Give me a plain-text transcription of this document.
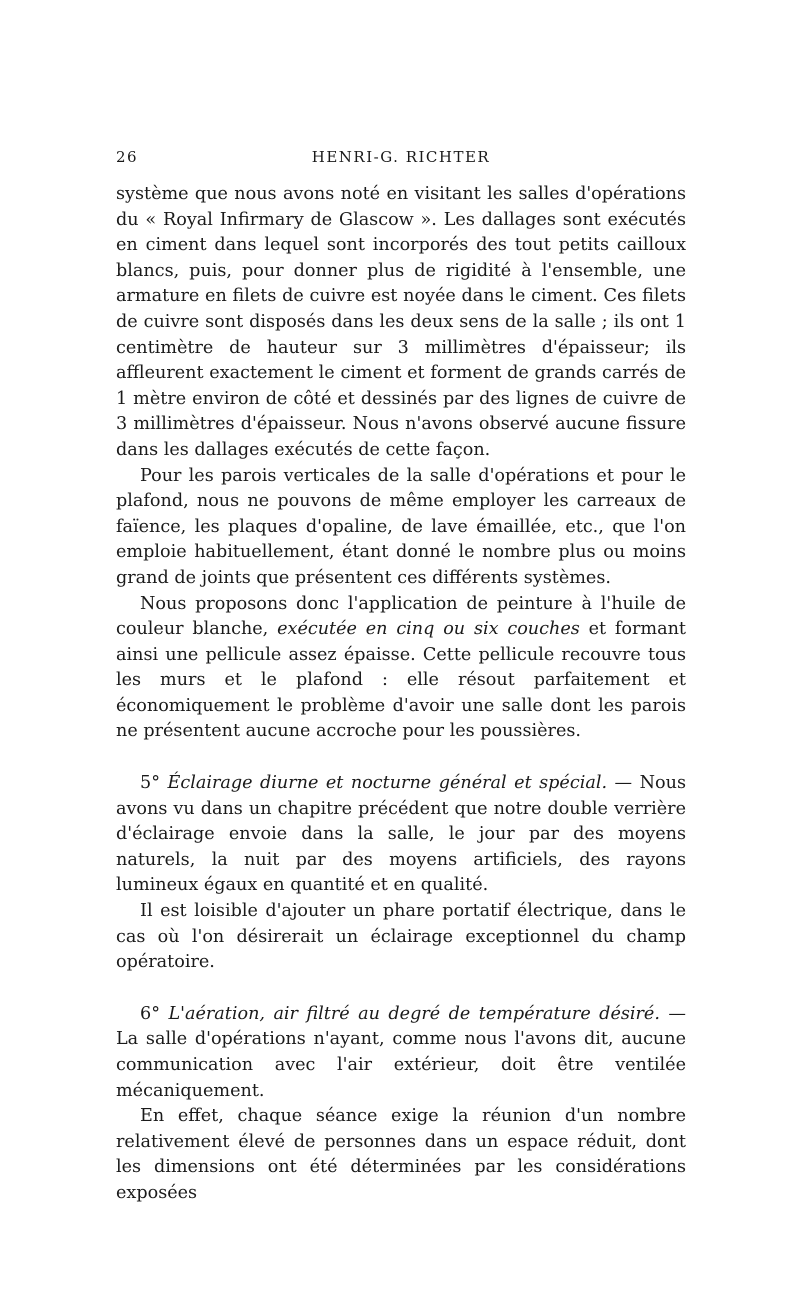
26	HENRI-G. RICHTER

système que nous avons noté en visitant les salles d'opérations du « Royal Infirmary de Glascow ». Les dallages sont exécutés en ciment dans lequel sont incorporés des tout petits cailloux blancs, puis, pour donner plus de rigidité à l'ensemble, une armature en filets de cuivre est noyée dans le ciment. Ces filets de cuivre sont disposés dans les deux sens de la salle ; ils ont 1 centimètre de hauteur sur 3 millimètres d'épaisseur; ils affleurent exactement le ciment et forment de grands carrés de 1 mètre environ de côté et dessinés par des lignes de cuivre de 3 millimètres d'épaisseur. Nous n'avons observé aucune fissure dans les dallages exécutés de cette façon.

Pour les parois verticales de la salle d'opérations et pour le plafond, nous ne pouvons de même employer les carreaux de faïence, les plaques d'opaline, de lave émaillée, etc., que l'on emploie habituellement, étant donné le nombre plus ou moins grand de joints que présentent ces différents systèmes.

Nous proposons donc l'application de peinture à l'huile de couleur blanche, exécutée en cinq ou six couches et formant ainsi une pellicule assez épaisse. Cette pellicule recouvre tous les murs et le plafond : elle résout parfaitement et économiquement le problème d'avoir une salle dont les parois ne présentent aucune accroche pour les poussières.

5° Éclairage diurne et nocturne général et spécial. — Nous avons vu dans un chapitre précédent que notre double verrière d'éclairage envoie dans la salle, le jour par des moyens naturels, la nuit par des moyens artificiels, des rayons lumineux égaux en quantité et en qualité.

Il est loisible d'ajouter un phare portatif électrique, dans le cas où l'on désirerait un éclairage exceptionnel du champ opératoire.

6° L'aération, air filtré au degré de température désiré. — La salle d'opérations n'ayant, comme nous l'avons dit, aucune communication avec l'air extérieur, doit être ventilée mécaniquement.

En effet, chaque séance exige la réunion d'un nombre relativement élevé de personnes dans un espace réduit, dont les dimensions ont été déterminées par les considérations exposées
